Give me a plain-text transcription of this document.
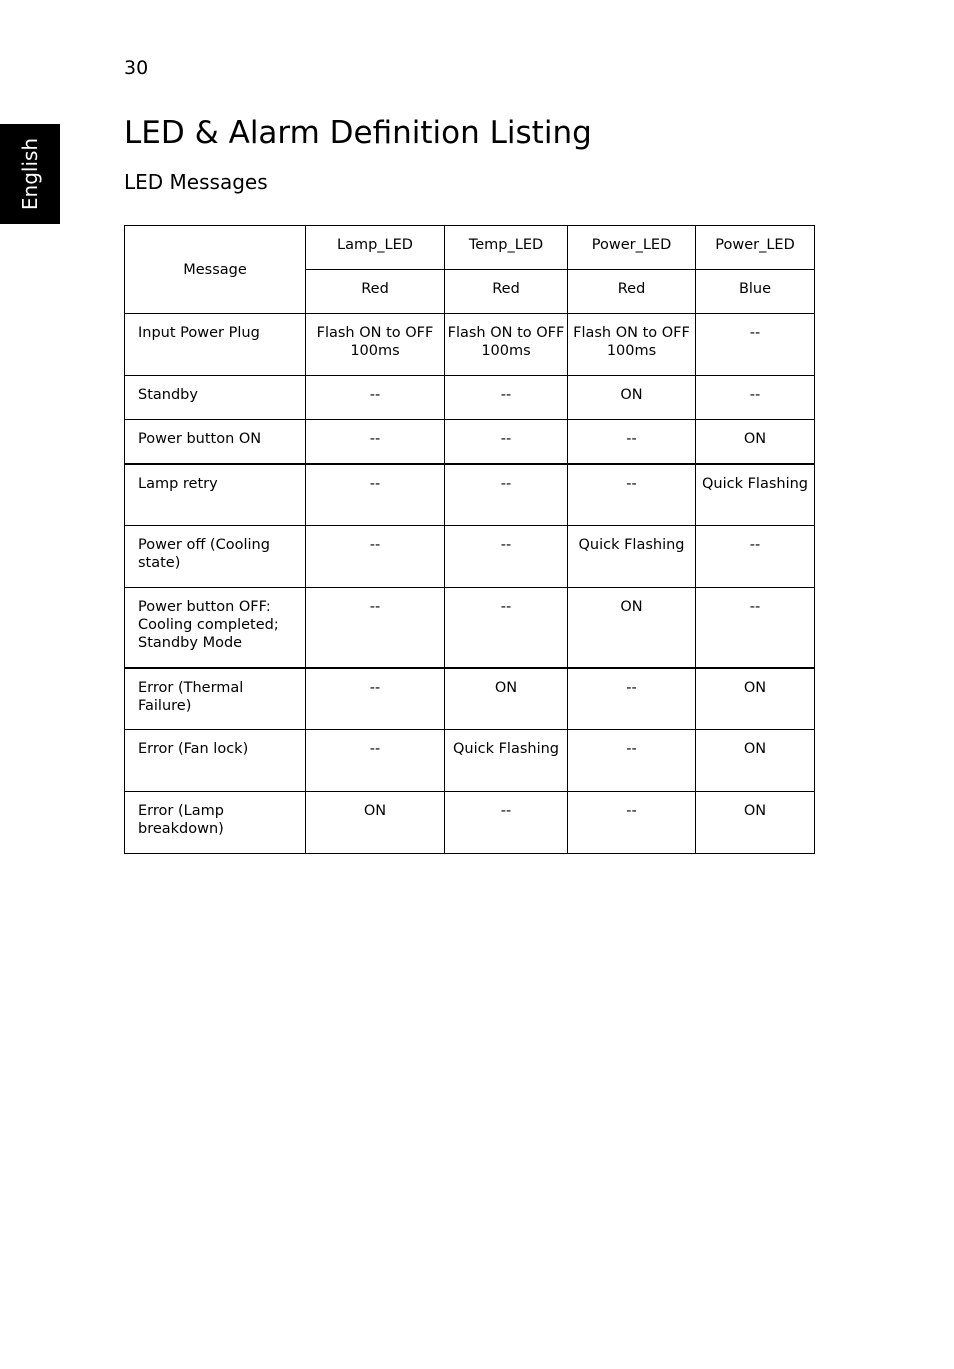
30
English
LED & Alarm Definition Listing
LED Messages
Message	Lamp_LED	Temp_LED	Power_LED	Power_LED

	Red	Red	Red	Blue

Input Power Plug	Flash ON to OFF 100ms	Flash ON to OFF 100ms	Flash ON to OFF 100ms	--

Standby	--	--	ON	--

Power button ON	--	--	--	ON

Lamp retry	--	--	--	Quick Flashing

Power off (Cooling state)	--	--	Quick Flashing	--

Power button OFF: Cooling completed; Standby Mode	--	--	ON	--

Error (Thermal Failure)	--	ON	--	ON

Error (Fan lock)	--	Quick Flashing	--	ON

Error (Lamp breakdown)	ON	--	--	ON
